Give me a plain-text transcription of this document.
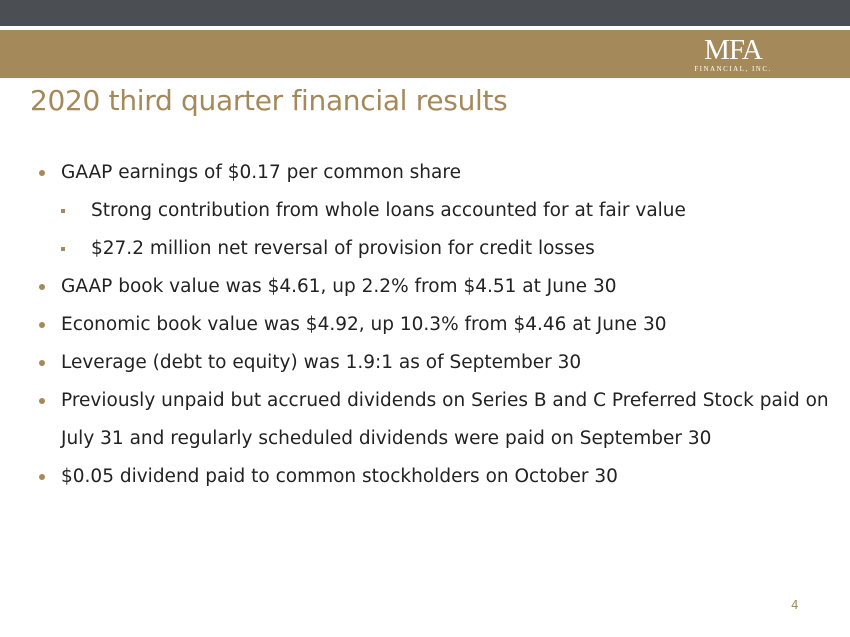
MFA
FINANCIAL, INC.
2020 third quarter financial results
GAAP earnings of $0.17 per common share
Strong contribution from whole loans accounted for at fair value
$27.2 million net reversal of provision for credit losses
GAAP book value was $4.61, up 2.2% from $4.51 at June 30
Economic book value was $4.92, up 10.3% from $4.46 at June 30
Leverage (debt to equity) was 1.9:1 as of September 30
Previously unpaid but accrued dividends on Series B and C Preferred Stock paid on July 31 and regularly scheduled dividends were paid on September 30
$0.05 dividend paid to common stockholders on October 30
4
